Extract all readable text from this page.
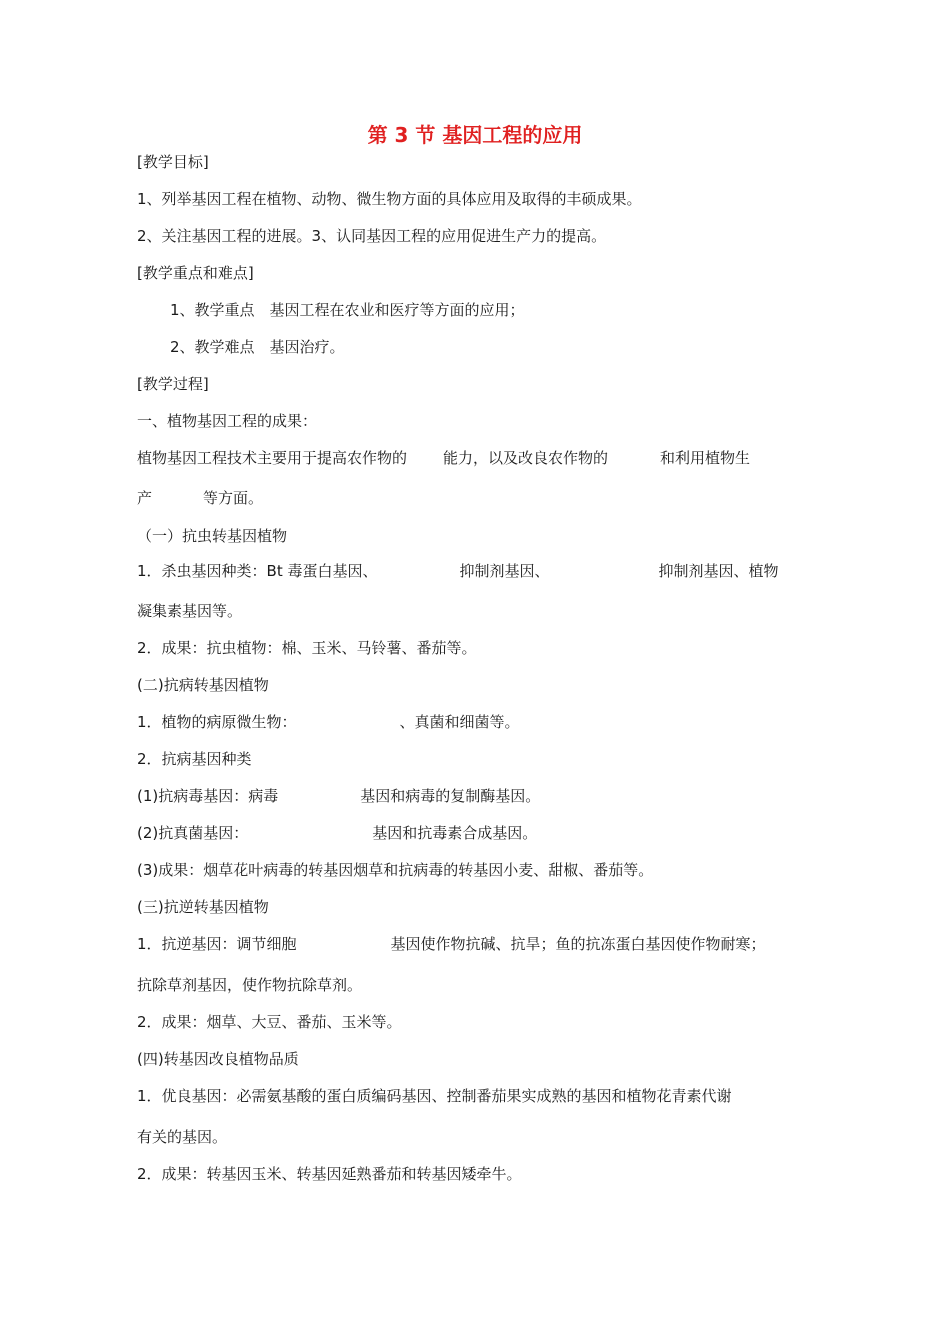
第 3 节 基因工程的应用
[教学目标]
1、列举基因工程在植物、动物、微生物方面的具体应用及取得的丰硕成果。
2、关注基因工程的进展。3、认同基因工程的应用促进生产力的提高。
[教学重点和难点]
1、教学重点　基因工程在农业和医疗等方面的应用；
2、教学难点　基因治疗。
[教学过程]
一、植物基因工程的成果：
植物基因工程技术主要用于提高农作物的 能力，以及改良农作物的	和利用植物生
产	等方面。
（一）抗虫转基因植物
1．杀虫基因种类：Bt 毒蛋白基因、	抑制剂基因、	抑制剂基因、植物
凝集素基因等。
2．成果：抗虫植物：棉、玉米、马铃薯、番茄等。
(二)抗病转基因植物
1．植物的病原微生物：	、真菌和细菌等。
2．抗病基因种类
(1)抗病毒基因：病毒	基因和病毒的复制酶基因。
(2)抗真菌基因：	基因和抗毒素合成基因。
(3)成果：烟草花叶病毒的转基因烟草和抗病毒的转基因小麦、甜椒、番茄等。
(三)抗逆转基因植物
1．抗逆基因：调节细胞	基因使作物抗碱、抗旱；鱼的抗冻蛋白基因使作物耐寒；
抗除草剂基因，使作物抗除草剂。
2．成果：烟草、大豆、番茄、玉米等。
(四)转基因改良植物品质
1．优良基因：必需氨基酸的蛋白质编码基因、控制番茄果实成熟的基因和植物花青素代谢
有关的基因。
2．成果：转基因玉米、转基因延熟番茄和转基因矮牵牛。
